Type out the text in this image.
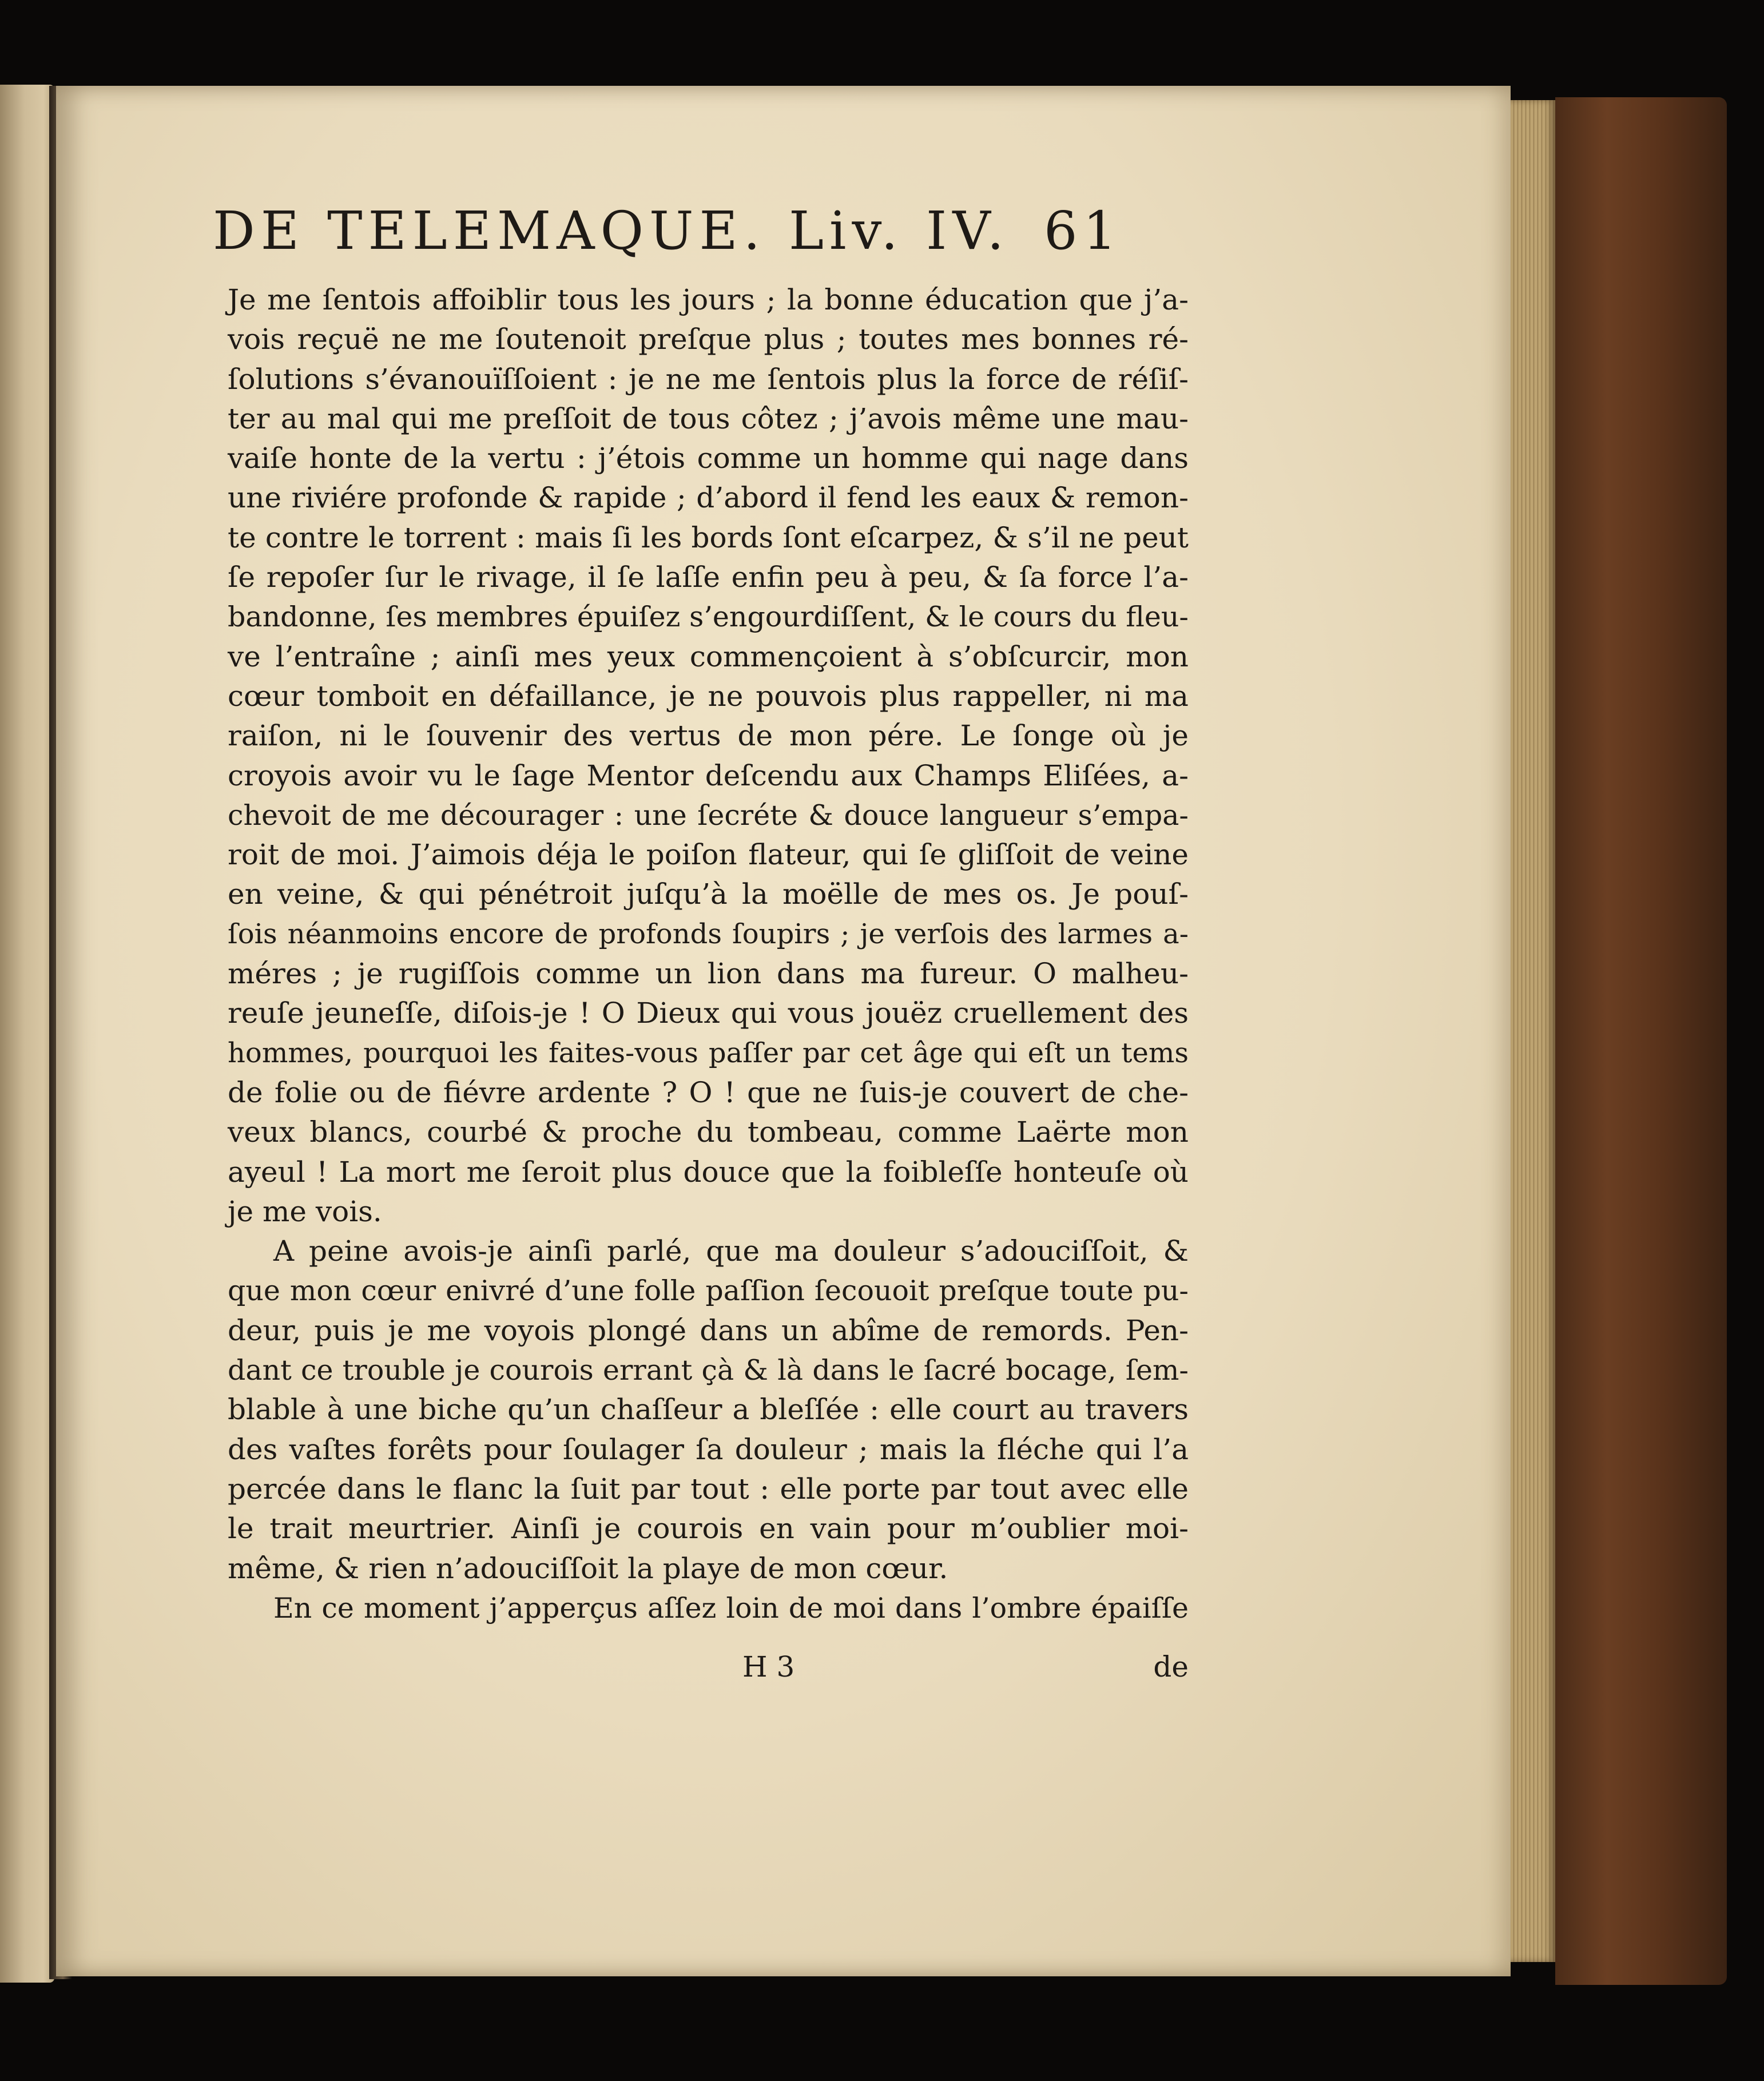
DE TELEMAQUE. Liv. IV. 61
Je me ſentois affoiblir tous les jours ; la bonne éducation que j’a-
vois reçuë ne me ſoutenoit preſque plus ; toutes mes bonnes ré-
ſolutions s’évanouïſſoient : je ne me ſentois plus la force de réſiſ-
ter au mal qui me preſſoit de tous côtez ; j’avois même une mau-
vaiſe honte de la vertu : j’étois comme un homme qui nage dans
une riviére profonde & rapide ; d’abord il fend les eaux & remon-
te contre le torrent : mais ſi les bords ſont eſcarpez, & s’il ne peut
ſe repoſer ſur le rivage, il ſe laſſe enfin peu à peu, & ſa force l’a-
bandonne, ſes membres épuiſez s’engourdiſſent, & le cours du fleu-
ve l’entraîne ; ainſi mes yeux commençoient à s’obſcurcir, mon
cœur tomboit en défaillance, je ne pouvois plus rappeller, ni ma
raiſon, ni le ſouvenir des vertus de mon pére. Le ſonge où je
croyois avoir vu le ſage Mentor deſcendu aux Champs Eliſées, a-
chevoit de me décourager : une ſecréte & douce langueur s’empa-
roit de moi. J’aimois déja le poiſon flateur, qui ſe gliſſoit de veine
en veine, & qui pénétroit juſqu’à la moëlle de mes os. Je pouſ-
ſois néanmoins encore de profonds ſoupirs ; je verſois des larmes a-
méres ; je rugiſſois comme un lion dans ma fureur. O malheu-
reuſe jeuneſſe, diſois-je ! O Dieux qui vous jouëz cruellement des
hommes, pourquoi les faites-vous paſſer par cet âge qui eſt un tems
de folie ou de fiévre ardente ? O ! que ne ſuis-je couvert de che-
veux blancs, courbé & proche du tombeau, comme Laërte mon
ayeul ! La mort me ſeroit plus douce que la foibleſſe honteuſe où
je me vois.
A peine avois-je ainſi parlé, que ma douleur s’adouciſſoit, &
que mon cœur enivré d’une folle paſſion ſecouoit preſque toute pu-
deur, puis je me voyois plongé dans un abîme de remords. Pen-
dant ce trouble je courois errant çà & là dans le ſacré bocage, ſem-
blable à une biche qu’un chaſſeur a bleſſée : elle court au travers
des vaſtes forêts pour ſoulager ſa douleur ; mais la fléche qui l’a
percée dans le flanc la ſuit par tout : elle porte par tout avec elle
le trait meurtrier. Ainſi je courois en vain pour m’oublier moi-
même, & rien n’adouciſſoit la playe de mon cœur.
En ce moment j’apperçus aſſez loin de moi dans l’ombre épaiſſe
H 3	de
